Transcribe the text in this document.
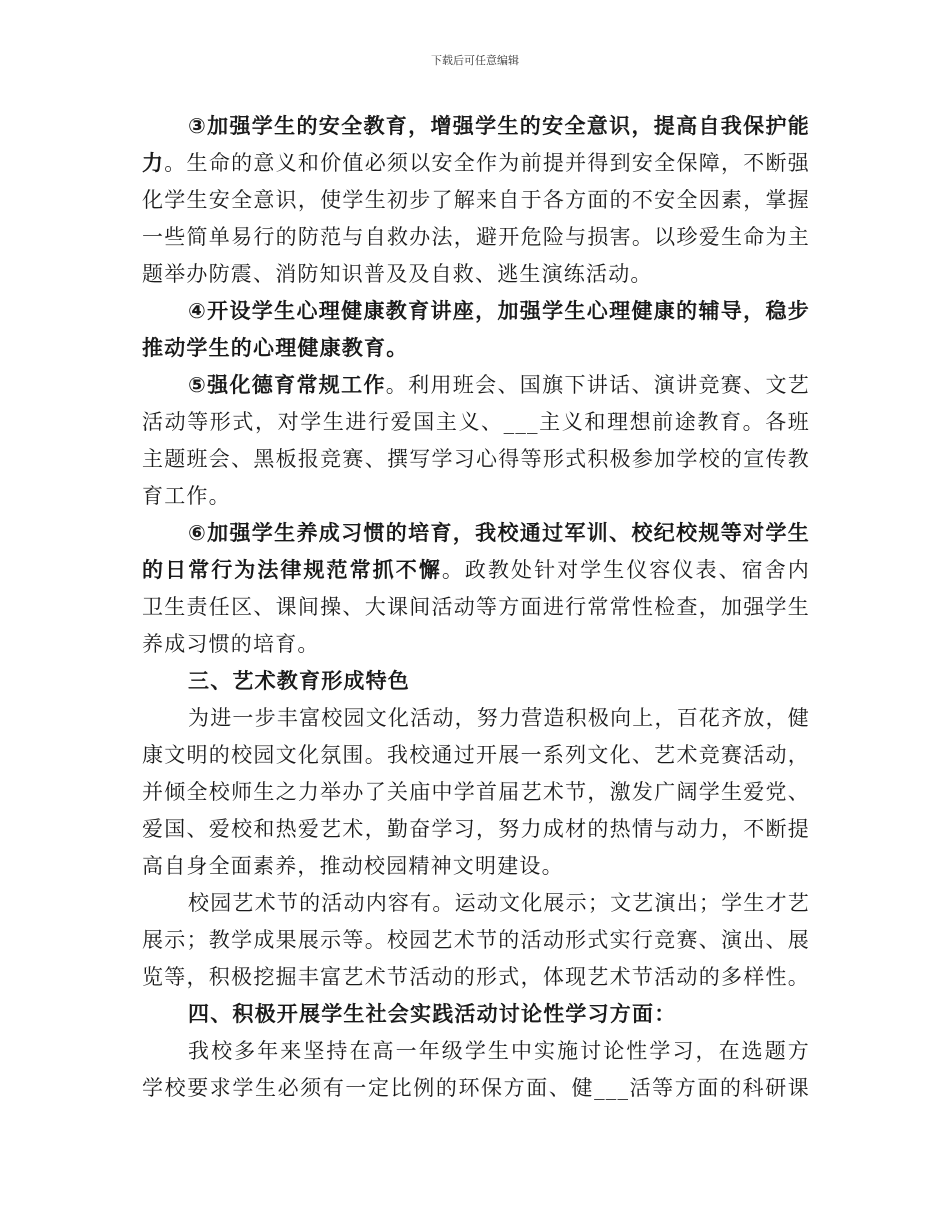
下载后可任意编辑
③加强学生的安全教育，增强学生的安全意识，提高自我保护能
力。生命的意义和价值必须以安全作为前提并得到安全保障，不断强
化学生安全意识，使学生初步了解来自于各方面的不安全因素，掌握
一些简单易行的防范与自救办法，避开危险与损害。以珍爱生命为主
题举办防震、消防知识普及及自救、逃生演练活动。
④开设学生心理健康教育讲座，加强学生心理健康的辅导，稳步
推动学生的心理健康教育。
⑤强化德育常规工作。利用班会、国旗下讲话、演讲竞赛、文艺
活动等形式，对学生进行爱国主义、___主义和理想前途教育。各班
主题班会、黑板报竞赛、撰写学习心得等形式积极参加学校的宣传教
育工作。
⑥加强学生养成习惯的培育，我校通过军训、校纪校规等对学生
的日常行为法律规范常抓不懈。政教处针对学生仪容仪表、宿舍内
卫生责任区、课间操、大课间活动等方面进行常常性检查，加强学生
养成习惯的培育。
三、艺术教育形成特色
为进一步丰富校园文化活动，努力营造积极向上，百花齐放，健
康文明的校园文化氛围。我校通过开展一系列文化、艺术竞赛活动，
并倾全校师生之力举办了关庙中学首届艺术节，激发广阔学生爱党、
爱国、爱校和热爱艺术，勤奋学习，努力成材的热情与动力，不断提
高自身全面素养，推动校园精神文明建设。
校园艺术节的活动内容有。运动文化展示；文艺演出；学生才艺
展示；教学成果展示等。校园艺术节的活动形式实行竞赛、演出、展
览等，积极挖掘丰富艺术节活动的形式，体现艺术节活动的多样性。
四、积极开展学生社会实践活动讨论性学习方面：
我校多年来坚持在高一年级学生中实施讨论性学习，在选题方
学校要求学生必须有一定比例的环保方面、健___活等方面的科研课
